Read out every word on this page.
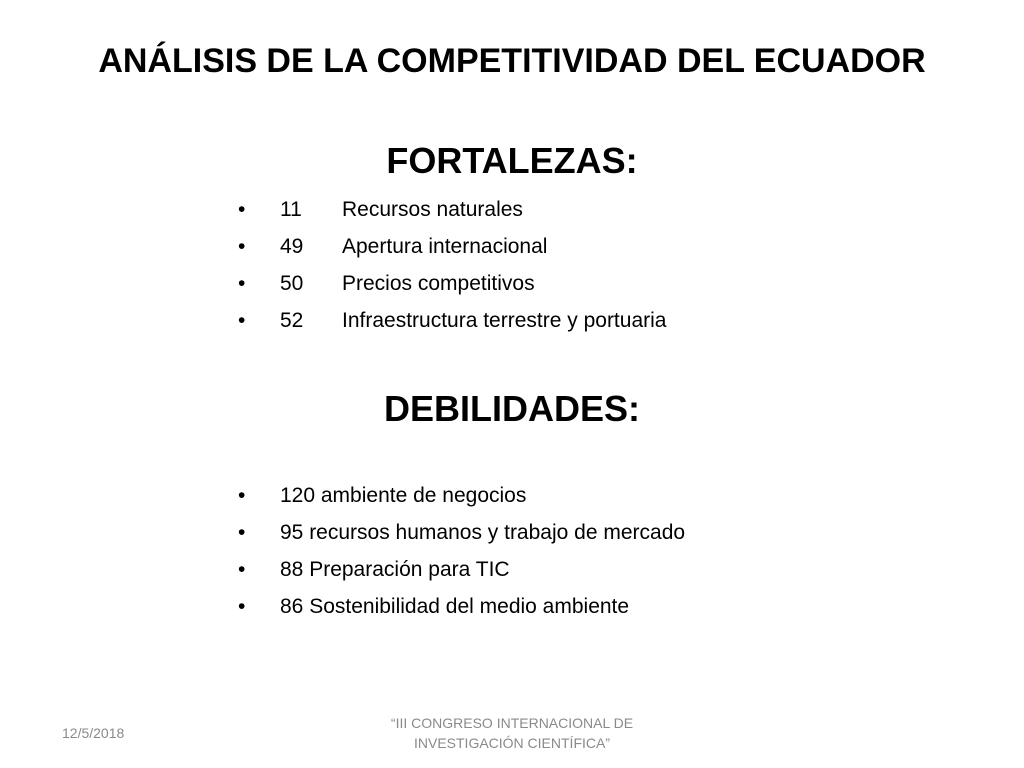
ANÁLISIS DE LA COMPETITIVIDAD DEL ECUADOR
FORTALEZAS:
•	11 Recursos naturales
•	49 Apertura internacional
•	50 Precios competitivos
•	52 Infraestructura terrestre y portuaria
DEBILIDADES:
•	120 ambiente de negocios
•	95 recursos humanos y trabajo de mercado
•	88 Preparación para TIC
•	86 Sostenibilidad del medio ambiente
12/5/2018
“III CONGRESO INTERNACIONAL DE
INVESTIGACIÓN CIENTÍFICA”
